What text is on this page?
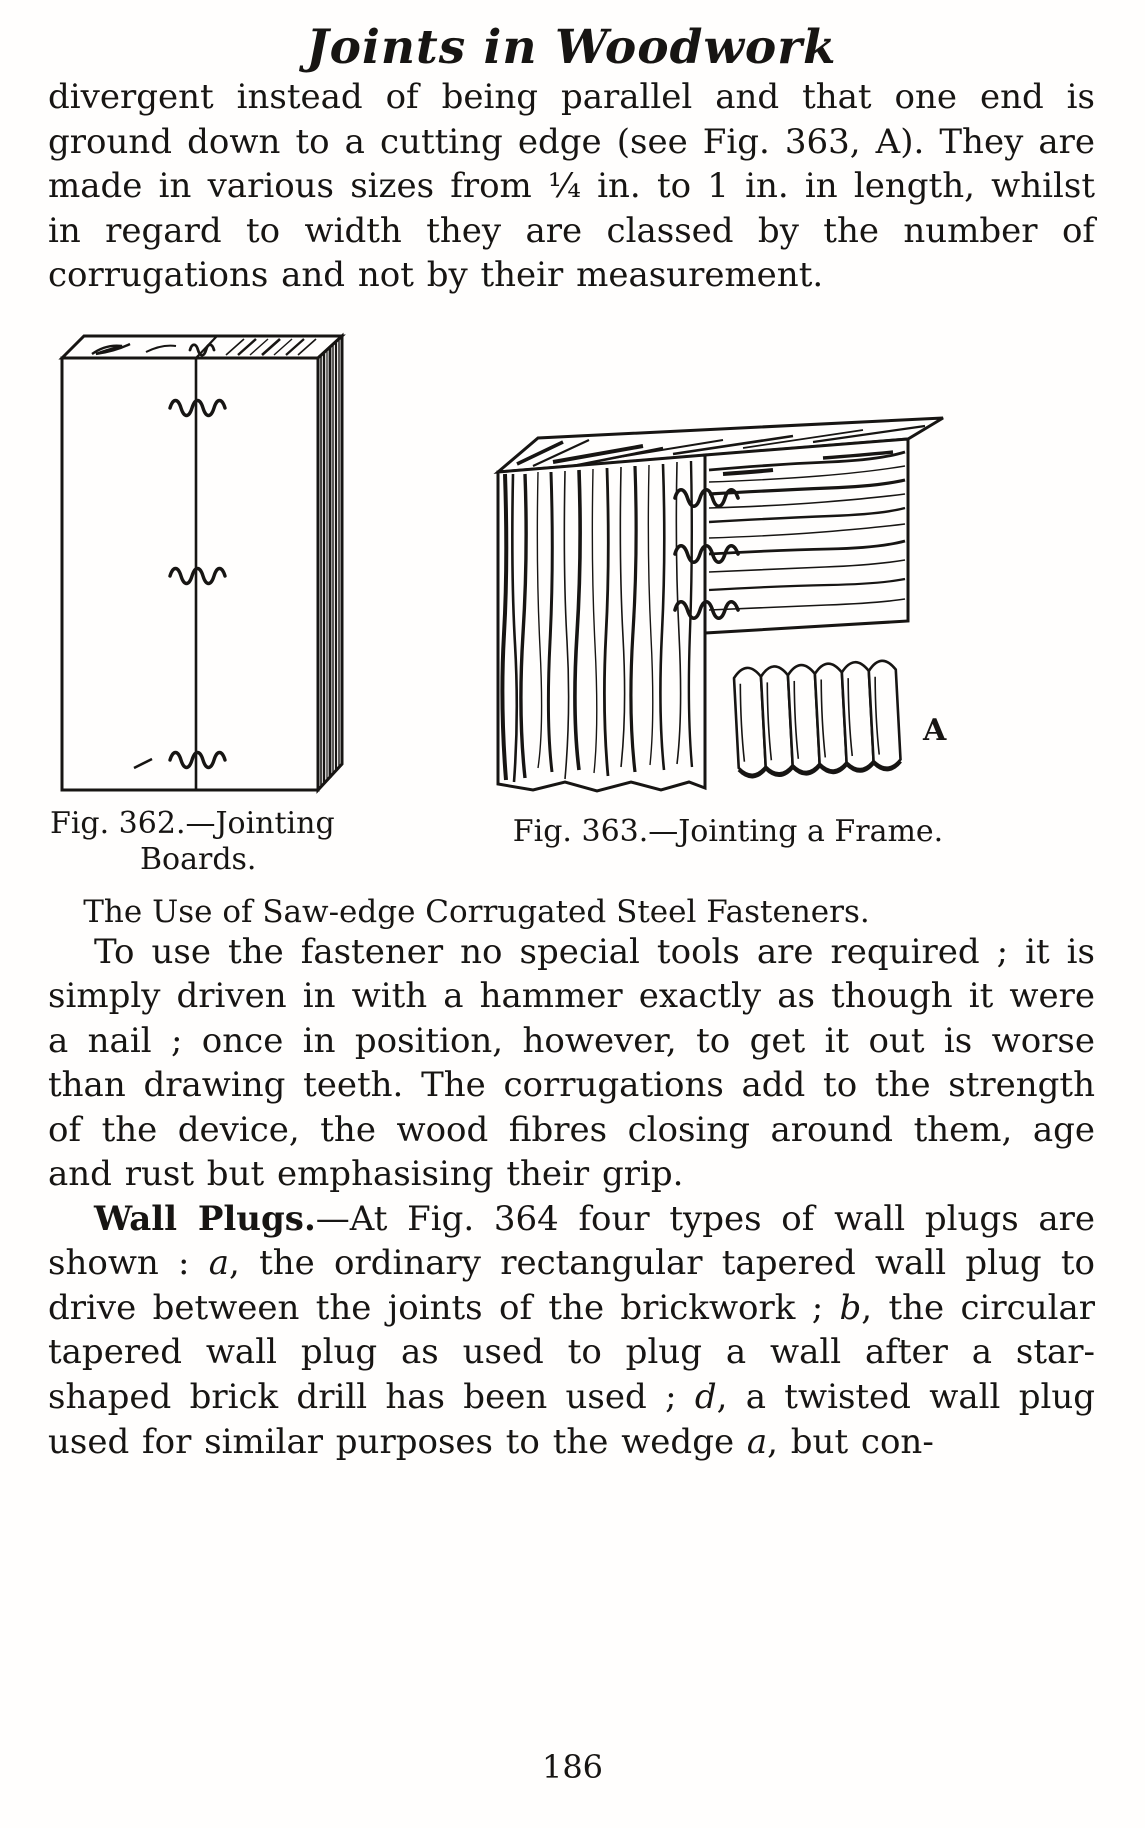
Joints in Woodwork

divergent instead of being parallel and that one end is ground down to a cutting edge (see Fig. 363, A). They are made in various sizes from ¼ in. to 1 in. in length, whilst in regard to width they are classed by the number of corrugations and not by their measurement.

Fig. 362.—Jointing
Boards.
A
Fig. 363.—Jointing a Frame.
The Use of Saw-edge Corrugated Steel Fasteners.

To use the fastener no special tools are required ; it is simply driven in with a hammer exactly as though it were a nail ; once in position, however, to get it out is worse than drawing teeth. The corrugations add to the strength of the device, the wood fibres closing around them, age and rust but emphasising their grip.

Wall Plugs.—At Fig. 364 four types of wall plugs are shown : a, the ordinary rectangular tapered wall plug to drive between the joints of the brickwork ; b, the circular tapered wall plug as used to plug a wall after a star-shaped brick drill has been used ; d, a twisted wall plug used for similar purposes to the wedge a, but con-

186
